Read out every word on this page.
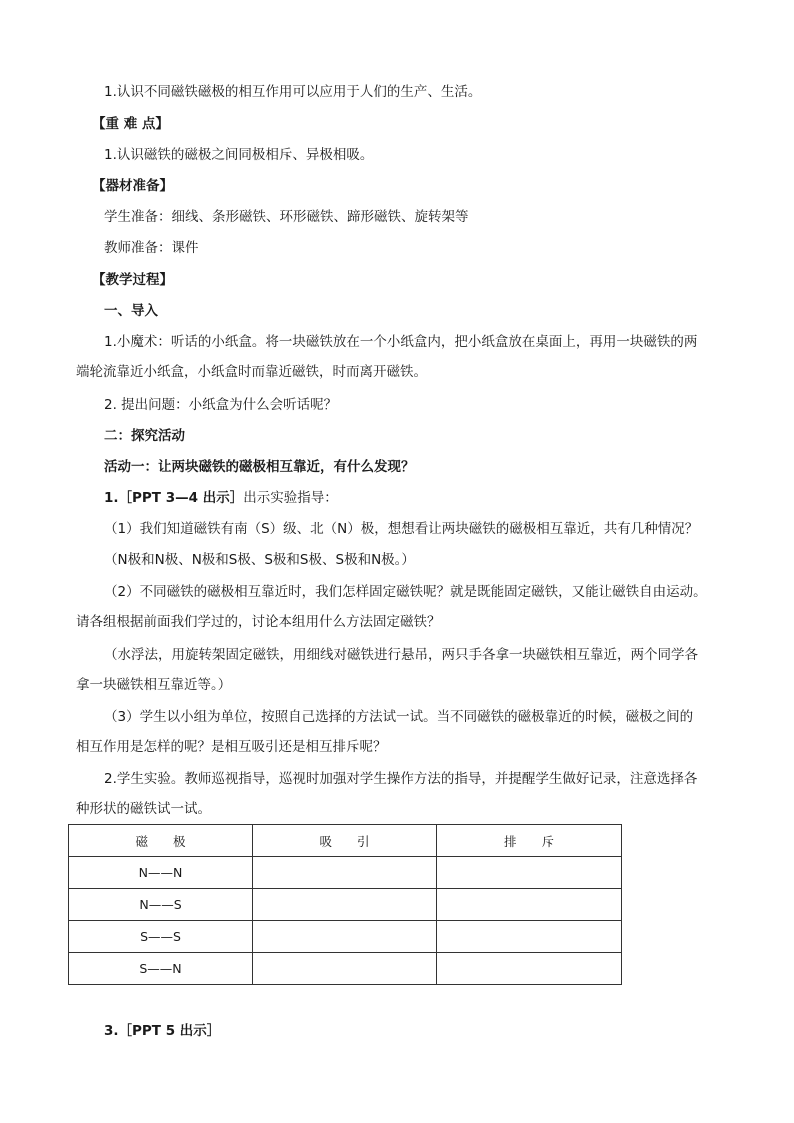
1.认识不同磁铁磁极的相互作用可以应用于人们的生产、生活。
【重 难 点】
1.认识磁铁的磁极之间同极相斥、异极相吸。
【器材准备】
学生准备：细线、条形磁铁、环形磁铁、蹄形磁铁、旋转架等
教师准备：课件
【教学过程】
一、导入
1.小魔术：听话的小纸盒。将一块磁铁放在一个小纸盒内，把小纸盒放在桌面上，再用一块磁铁的两
端轮流靠近小纸盒，小纸盒时而靠近磁铁，时而离开磁铁。
2. 提出问题：小纸盒为什么会听话呢？
二：探究活动
活动一：让两块磁铁的磁极相互靠近，有什么发现？
1.［PPT 3—4 出示］出示实验指导：
（1）我们知道磁铁有南（S）级、北（N）极，想想看让两块磁铁的磁极相互靠近，共有几种情况？
（N极和N极、N极和S极、S极和S极、S极和N极。）
（2）不同磁铁的磁极相互靠近时，我们怎样固定磁铁呢？就是既能固定磁铁，又能让磁铁自由运动。
请各组根据前面我们学过的，讨论本组用什么方法固定磁铁？
（水浮法，用旋转架固定磁铁，用细线对磁铁进行悬吊，两只手各拿一块磁铁相互靠近，两个同学各
拿一块磁铁相互靠近等。）
（3）学生以小组为单位，按照自己选择的方法试一试。当不同磁铁的磁极靠近的时候，磁极之间的
相互作用是怎样的呢？是相互吸引还是相互排斥呢？
2.学生实验。教师巡视指导，巡视时加强对学生操作方法的指导，并提醒学生做好记录，注意选择各
种形状的磁铁试一试。
磁　　极	吸　　引	排　　斥
N——N		
N——S		
S——S		
S——N		
3.［PPT 5 出示］
